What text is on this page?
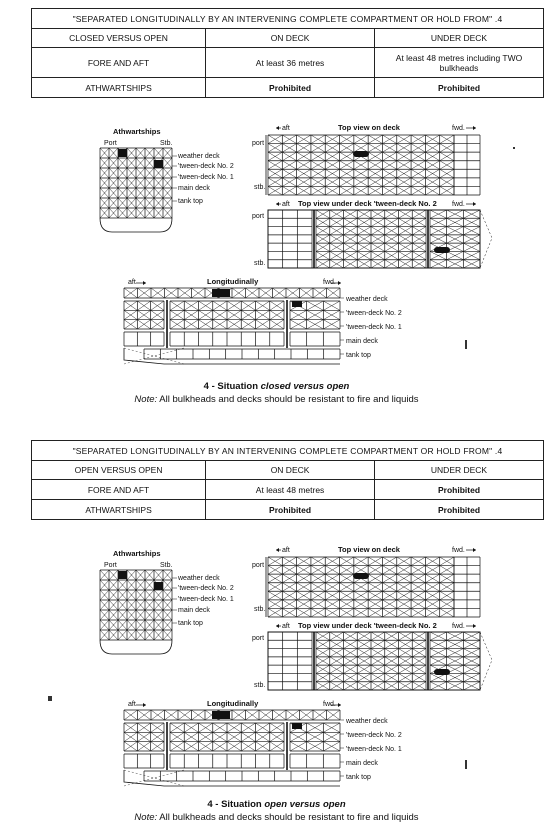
"SEPARATED LONGITUDINALLY BY AN INTERVENING COMPLETE COMPARTMENT OR HOLD FROM" .4		
CLOSED VERSUS OPEN	ON DECK	UNDER DECK
FORE AND AFT	At least 36 metres	At least 48 metres including TWO bulkheads
ATHWARTSHIPS	Prohibited	Prohibited
Athwartships
Port	Stb.
weather deck
'tween-deck No. 2
'tween-deck No. 1
main deck
tank top
aft	Top view on deck	fwd.
port
stb.
aft Top view under deck 'tween-deck No. 2 fwd.
port
stb.
aft	Longitudinally	fwd.
weather deck
'tween-deck No. 2
'tween-deck No. 1
main deck
tank top
4 - Situation closed versus open
Note: All bulkheads and decks should be resistant to fire and liquids
"SEPARATED LONGITUDINALLY BY AN INTERVENING COMPLETE COMPARTMENT OR HOLD FROM" .4		
OPEN VERSUS OPEN	ON DECK	UNDER DECK
FORE AND AFT	At least 48 metres	Prohibited
ATHWARTSHIPS	Prohibited	Prohibited
Athwartships
Port	Stb.
weather deck
'tween-deck No. 2
'tween-deck No. 1
main deck
tank top
aft	Top view on deck	fwd.
port
stb.
aft Top view under deck 'tween-deck No. 2 fwd.
port
stb.
aft	Longitudinally	fwd.
weather deck
'tween-deck No. 2
'tween-deck No. 1
main deck
tank top
4 - Situation open versus open
Note: All bulkheads and decks should be resistant to fire and liquids
